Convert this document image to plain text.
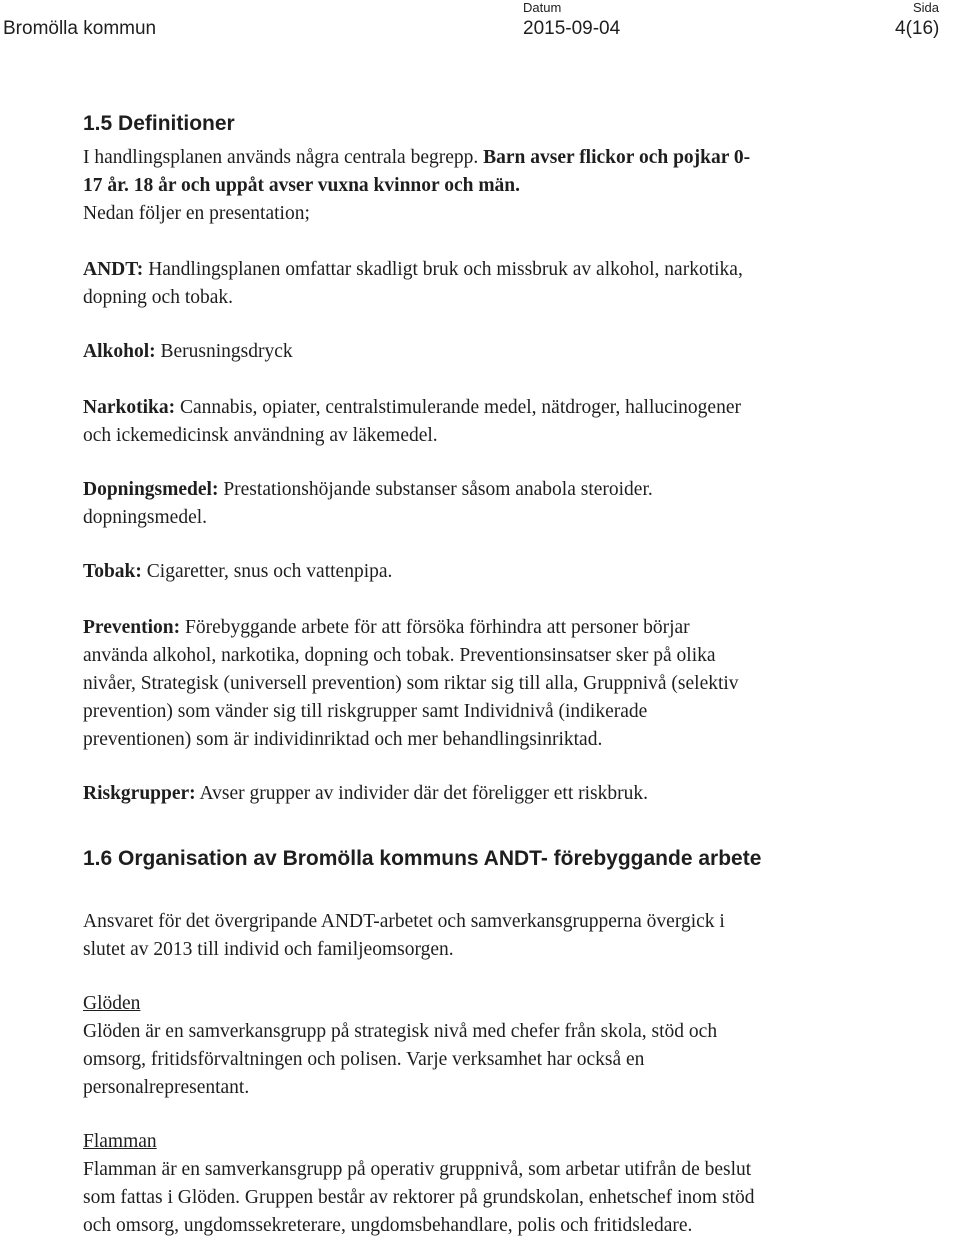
Bromölla kommun
Datum
2015-09-04
Sida
4(16)
1.5 Definitioner
I handlingsplanen används några centrala begrepp. Barn avser flickor och pojkar 0-
17 år. 18 år och uppåt avser vuxna kvinnor och män.
Nedan följer en presentation;
ANDT: Handlingsplanen omfattar skadligt bruk och missbruk av alkohol, narkotika,
dopning och tobak.
Alkohol: Berusningsdryck
Narkotika: Cannabis, opiater, centralstimulerande medel, nätdroger, hallucinogener
och ickemedicinsk användning av läkemedel.
Dopningsmedel: Prestationshöjande substanser såsom anabola steroider.
dopningsmedel.
Tobak: Cigaretter, snus och vattenpipa.
Prevention: Förebyggande arbete för att försöka förhindra att personer börjar
använda alkohol, narkotika, dopning och tobak. Preventionsinsatser sker på olika
nivåer, Strategisk (universell prevention) som riktar sig till alla, Gruppnivå (selektiv
prevention) som vänder sig till riskgrupper samt Individnivå (indikerade
preventionen) som är individinriktad och mer behandlingsinriktad.
Riskgrupper: Avser grupper av individer där det föreligger ett riskbruk.
1.6 Organisation av Bromölla kommuns ANDT- förebyggande arbete
Ansvaret för det övergripande ANDT-arbetet och samverkansgrupperna övergick i
slutet av 2013 till individ och familjeomsorgen.
Glöden
Glöden är en samverkansgrupp på strategisk nivå med chefer från skola, stöd och
omsorg, fritidsförvaltningen och polisen. Varje verksamhet har också en
personalrepresentant.
Flamman
Flamman är en samverkansgrupp på operativ gruppnivå, som arbetar utifrån de beslut
som fattas i Glöden. Gruppen består av rektorer på grundskolan, enhetschef inom stöd
och omsorg, ungdomssekreterare, ungdomsbehandlare, polis och fritidsledare.
